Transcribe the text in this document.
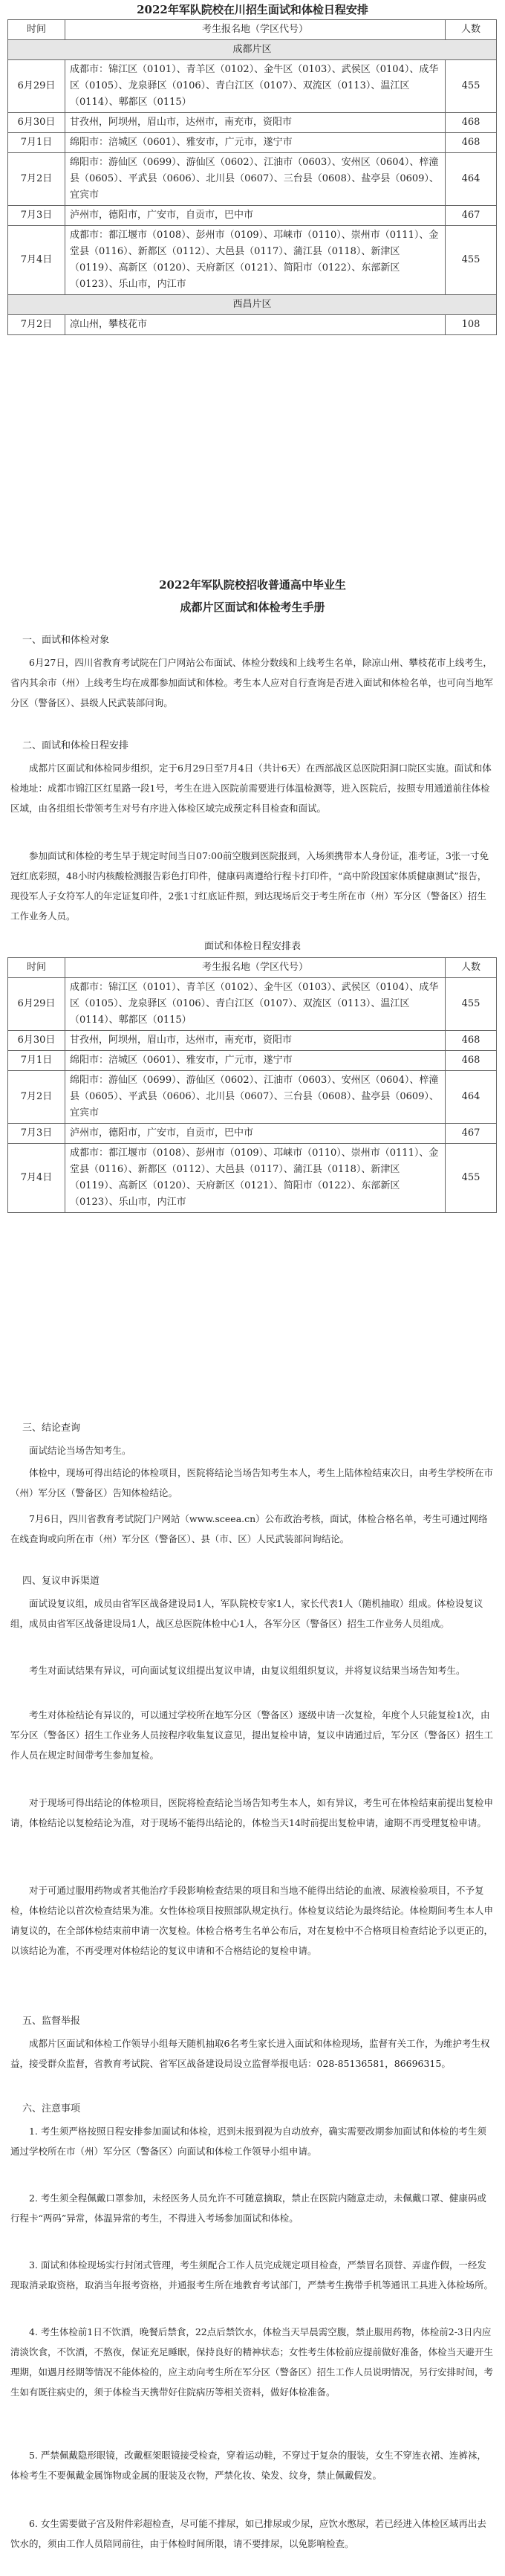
2022年军队院校在川招生面试和体检日程安排
时间	考生报名地（学区代号）	人数
成都片区		
6月29日	成都市：锦江区（0101）、青羊区（0102）、金牛区（0103）、武侯区（0104）、成华区（0105）、龙泉驿区（0106）、青白江区（0107）、双流区（0113）、温江区（0114）、郫都区（0115）	455
6月30日	甘孜州，阿坝州，眉山市，达州市，南充市，资阳市	468
7月1日	绵阳市：涪城区（0601）、雅安市，广元市，遂宁市	468
7月2日	绵阳市：游仙区（0699）、游仙区（0602）、江油市（0603）、安州区（0604）、梓潼县（0605）、平武县（0606）、北川县（0607）、三台县（0608）、盐亭县（0609）、宜宾市	464
7月3日	泸州市，德阳市，广安市，自贡市，巴中市	467
7月4日	成都市：都江堰市（0108）、彭州市（0109）、邛崃市（0110）、崇州市（0111）、金堂县（0116）、新都区（0112）、大邑县（0117）、蒲江县（0118）、新津区（0119）、高新区（0120）、天府新区（0121）、简阳市（0122）、东部新区（0123）、乐山市，内江市	455
西昌片区		
7月2日	凉山州，攀枝花市	108
2022年军队院校招收普通高中毕业生
成都片区面试和体检考生手册
一、面试和体检对象

6月27日，四川省教育考试院在门户网站公布面试、体检分数线和上线考生名单，除凉山州、攀枝花市上线考生，省内其余市（州）上线考生均在成都参加面试和体检。考生本人应对自行查询是否进入面试和体检名单，也可向当地军分区（警备区）、县级人民武装部问询。

二、面试和体检日程安排

成都片区面试和体检同步组织，定于6月29日至7月4日（共计6天）在西部战区总医院阳洞口院区实施。面试和体检地址：成都市锦江区红星路一段1号，考生在进入医院前需要进行体温检测等，进入医院后，按照专用通道前往体检区域，由各组组长带领考生对号有序进入体检区域完成预定科目检查和面试。

参加面试和体检的考生早于规定时间当日07:00前空腹到医院报到，入场须携带本人身份证，准考证，3张一寸免冠红底彩照，48小时内核酸检测报告彩色打印件，健康码离遵给行程卡打印件，“高中阶段国家体质健康测试”报告，现役军人子女符军人的年定证复印件，2张1寸红底证件照，到达现场后交于考生所在市（州）军分区（警备区）招生工作业务人员。

面试和体检日程安排表
时间	考生报名地（学区代号）	人数
6月29日	成都市：锦江区（0101）、青羊区（0102）、金牛区（0103）、武侯区（0104）、成华区（0105）、龙泉驿区（0106）、青白江区（0107）、双流区（0113）、温江区（0114）、郫都区（0115）	455
6月30日	甘孜州，阿坝州，眉山市，达州市，南充市，资阳市	468
7月1日	绵阳市：涪城区（0601）、雅安市，广元市，遂宁市	468
7月2日	绵阳市：游仙区（0699）、游仙区（0602）、江油市（0603）、安州区（0604）、梓潼县（0605）、平武县（0606）、北川县（0607）、三台县（0608）、盐亭县（0609）、宜宾市	464
7月3日	泸州市，德阳市，广安市，自贡市，巴中市	467
7月4日	成都市：都江堰市（0108）、彭州市（0109）、邛崃市（0110）、崇州市（0111）、金堂县（0116）、新都区（0112）、大邑县（0117）、蒲江县（0118）、新津区（0119）、高新区（0120）、天府新区（0121）、简阳市（0122）、东部新区（0123）、乐山市，内江市	455
三、结论查询

面试结论当场告知考生。

体检中，现场可得出结论的体检项目，医院将结论当场告知考生本人，考生上陆体检结束次日，由考生学校所在市（州）军分区（警备区）告知体检结论。

7月6日，四川省教育考试院门户网站（www.sceea.cn）公布政治考核，面试，体检合格名单，考生可通过网络在线查询或向所在市（州）军分区（警备区）、县（市、区）人民武装部问询结论。

四、复议申诉渠道

面试设复议组，成员由省军区战备建设局1人，军队院校专家1人，家长代表1人（随机抽取）组成。体检设复议组，成员由省军区战备建设局1人，战区总医院体检中心1人，各军分区（警备区）招生工作业务人员组成。

考生对面试结果有异议，可向面试复议组提出复议申请，由复议组组织复议，并将复议结果当场告知考生。

考生对体检结论有异议的，可以通过学校所在地军分区（警备区）逐级申请一次复检，年度个人只能复检1次，由军分区（警备区）招生工作业务人员按程序收集复议意见，提出复检申请，复议申请通过后，军分区（警备区）招生工作人员在规定时间带考生参加复检。

对于现场可得出结论的体检项目，医院将检查结论当场告知考生本人，如有异议，考生可在体检结束前提出复检申请，体检结论以复检结论为准，对于现场不能得出结论的，体检当天14时前提出复检申请，逾期不再受理复检申请。

对于可通过服用药物或者其他治疗手段影响检查结果的项目和当地不能得出结论的血液、尿液检验项目，不予复检，体检结论以首次检查结果为准。女性体检项目按照部队规定执行。体检复议结论为最终结论。体检期间考生本人申请复议的，在全部体检结束前申请一次复检。体检合格考生名单公布后，对在复检中不合格项目检查结论予以更正的，以该结论为准，不再受理对体检结论的复议申请和不合格结论的复检申请。

五、监督举报

成都片区面试和体检工作领导小组每天随机抽取6名考生家长进入面试和体检现场，监督有关工作，为维护考生权益，接受群众监督，省教育考试院、省军区战备建设局设立监督举报电话：028-85136581，86696315。

六、注意事项

1. 考生须严格按照日程安排参加面试和体检，迟到未报到视为自动放弃，确实需要改期参加面试和体检的考生须通过学校所在市（州）军分区（警备区）向面试和体检工作领导小组申请。

2. 考生须全程佩戴口罩参加，未经医务人员允许不可随意摘取，禁止在医院内随意走动，未佩戴口罩、健康码或行程卡“两码”异常，体温异常的考生，不得进入考场参加面试和体检。

3. 面试和体检现场实行封闭式管理，考生须配合工作人员完成规定项目检查，严禁冒名顶替、弄虚作假，一经发现取消录取资格，取消当年报考资格，并通报考生所在地教育考试部门，严禁考生携带手机等通讯工具进入体检场所。

4. 考生体检前1日不饮酒，晚餐后禁食，22点后禁饮水，体检当天早晨需空腹，禁止服用药物，体检前2-3日内应清淡饮食，不饮酒，不熬夜，保证充足睡眠，保持良好的精神状态；女性考生体检前应提前做好准备，体检当天避开生理期，如遇月经期等情况不能体检的，应主动向考生所在军分区（警备区）招生工作人员说明情况，另行安排时间，考生如有既往病史的，须于体检当天携带好住院病历等相关资料，做好体检准备。

5. 严禁佩戴隐形眼镜，改戴框架眼镜接受检查，穿着运动鞋，不穿过于复杂的服装，女生不穿连衣裙、连裤袜，体检考生不要佩戴金属饰物或金属的服装及衣物，严禁化妆、染发、纹身，禁止佩戴假发。

6. 女生需要做子宫及附件彩超检查，尽可能不排尿，如已排尿或少尿，应饮水憋尿，若已经进入体检区域再出去饮水的，须由工作人员陪同前往，由于体检时间所限，请不要排尿，以免影响检查。
